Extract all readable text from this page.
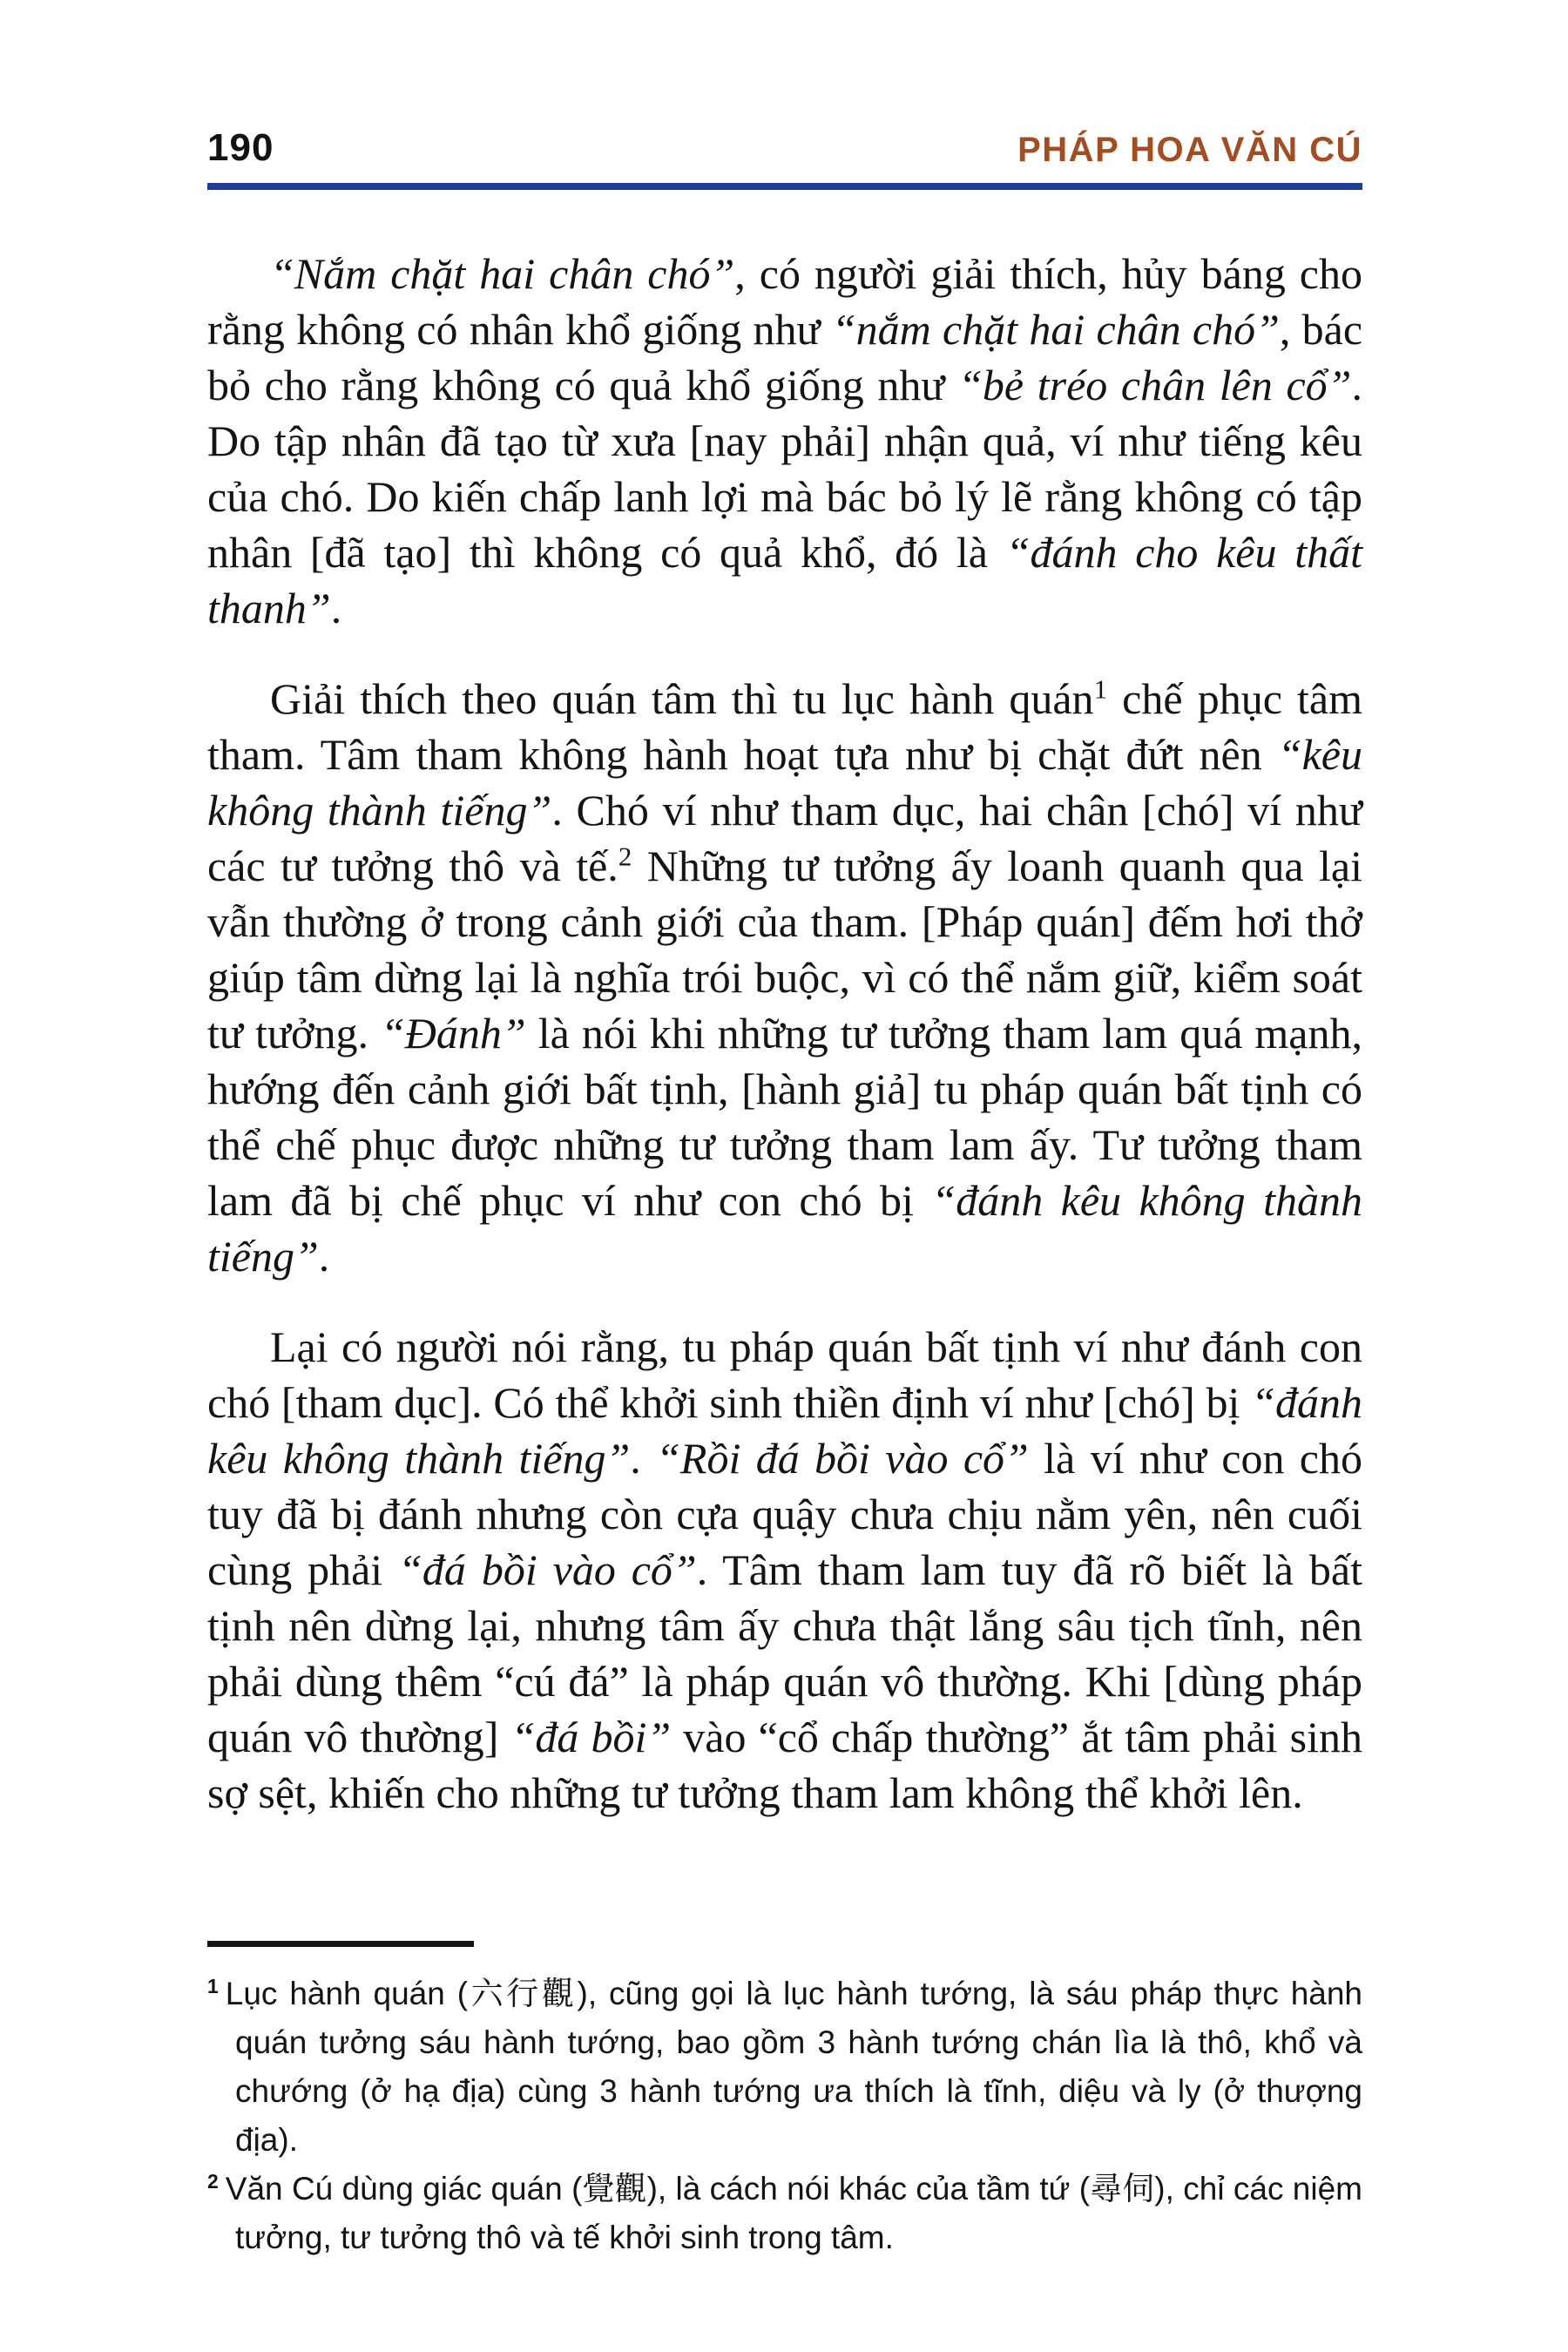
190	PHÁP HOA VĂN CÚ

“Nắm chặt hai chân chó”, có người giải thích, hủy báng cho rằng không có nhân khổ giống như “nắm chặt hai chân chó”, bác bỏ cho rằng không có quả khổ giống như “bẻ tréo chân lên cổ”. Do tập nhân đã tạo từ xưa [nay phải] nhận quả, ví như tiếng kêu của chó. Do kiến chấp lanh lợi mà bác bỏ lý lẽ rằng không có tập nhân [đã tạo] thì không có quả khổ, đó là “đánh cho kêu thất thanh”.

Giải thích theo quán tâm thì tu lục hành quán$^1$ chế phục tâm tham. Tâm tham không hành hoạt tựa như bị chặt đứt nên “kêu không thành tiếng”. Chó ví như tham dục, hai chân [chó] ví như các tư tưởng thô và tế.$^2$ Những tư tưởng ấy loanh quanh qua lại vẫn thường ở trong cảnh giới của tham. [Pháp quán] đếm hơi thở giúp tâm dừng lại là nghĩa trói buộc, vì có thể nắm giữ, kiểm soát tư tưởng. “Đánh” là nói khi những tư tưởng tham lam quá mạnh, hướng đến cảnh giới bất tịnh, [hành giả] tu pháp quán bất tịnh có thể chế phục được những tư tưởng tham lam ấy. Tư tưởng tham lam đã bị chế phục ví như con chó bị “đánh kêu không thành tiếng”.

Lại có người nói rằng, tu pháp quán bất tịnh ví như đánh con chó [tham dục]. Có thể khởi sinh thiền định ví như [chó] bị “đánh kêu không thành tiếng”. “Rồi đá bồi vào cổ” là ví như con chó tuy đã bị đánh nhưng còn cựa quậy chưa chịu nằm yên, nên cuối cùng phải “đá bồi vào cổ”. Tâm tham lam tuy đã rõ biết là bất tịnh nên dừng lại, nhưng tâm ấy chưa thật lắng sâu tịch tĩnh, nên phải dùng thêm “cú đá” là pháp quán vô thường. Khi [dùng pháp quán vô thường] “đá bồi” vào “cổ chấp thường” ắt tâm phải sinh sợ sệt, khiến cho những tư tưởng tham lam không thể khởi lên.

$^1$ Lục hành quán (六行觀), cũng gọi là lục hành tướng, là sáu pháp thực hành quán tưởng sáu hành tướng, bao gồm 3 hành tướng chán lìa là thô, khổ và chướng (ở hạ địa) cùng 3 hành tướng ưa thích là tĩnh, diệu và ly (ở thượng địa).
$^2$ Văn Cú dùng giác quán (覺觀), là cách nói khác của tầm tứ (尋伺), chỉ các niệm tưởng, tư tưởng thô và tế khởi sinh trong tâm.
